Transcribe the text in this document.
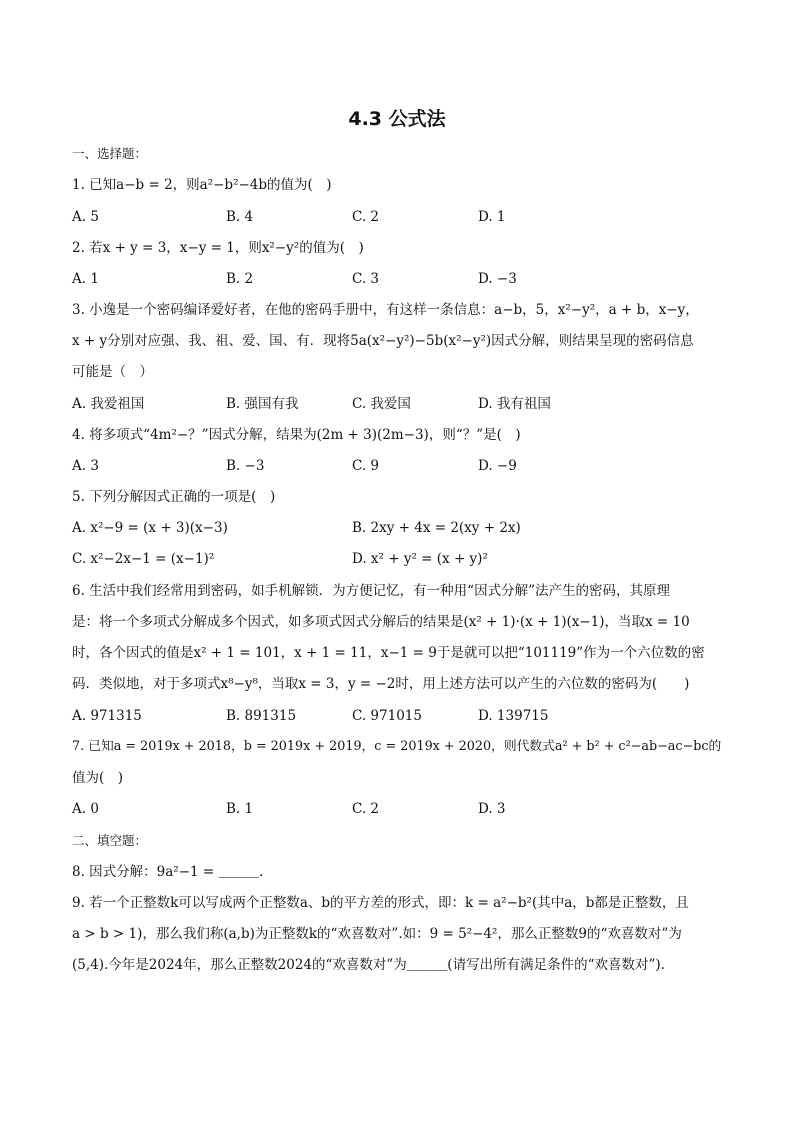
4.3 公式法
一、选择题：
1. 已知a−b = 2，则a²−b²−4b的值为(　)
A. 5	B. 4	C. 2	D. 1
2. 若x + y = 3，x−y = 1，则x²−y²的值为(　)
A. 1	B. 2	C. 3	D. −3
3. 小逸是一个密码编译爱好者，在他的密码手册中，有这样一条信息：a−b，5，x²−y²，a + b，x−y，
x + y分别对应强、我、祖、爱、国、有．现将5a(x²−y²)−5b(x²−y²)因式分解，则结果呈现的密码信息
可能是（　）
A. 我爱祖国	B. 强国有我	C. 我爱国	D. 我有祖国
4. 将多项式“4m²−？”因式分解，结果为(2m + 3)(2m−3)，则“？”是(　)
A. 3	B. −3	C. 9	D. −9
5. 下列分解因式正确的一项是(　)
A. x²−9 = (x + 3)(x−3)	B. 2xy + 4x = 2(xy + 2x)
C. x²−2x−1 = (x−1)²	D. x² + y² = (x + y)²
6. 生活中我们经常用到密码，如手机解锁．为方便记忆，有一种用“因式分解”法产生的密码，其原理
是：将一个多项式分解成多个因式，如多项式因式分解后的结果是(x² + 1)·(x + 1)(x−1)，当取x = 10
时，各个因式的值是x² + 1 = 101，x + 1 = 11，x−1 = 9于是就可以把“101119”作为一个六位数的密
码．类似地，对于多项式x⁸−y⁸，当取x = 3，y = −2时，用上述方法可以产生的六位数的密码为(　　)
A. 971315	B. 891315	C. 971015	D. 139715
7. 已知a = 2019x + 2018，b = 2019x + 2019，c = 2019x + 2020，则代数式a² + b² + c²−ab−ac−bc的
值为(　)
A. 0	B. 1	C. 2	D. 3
二、填空题：
8. 因式分解：9a²−1 = ＿＿＿.
9. 若一个正整数k可以写成两个正整数a、b的平方差的形式，即：k = a²−b²(其中a，b都是正整数，且
a > b > 1)，那么我们称(a,b)为正整数k的“欢喜数对”.如：9 = 5²−4²，那么正整数9的“欢喜数对”为
(5,4).今年是2024年，那么正整数2024的“欢喜数对”为＿＿＿(请写出所有满足条件的“欢喜数对”).
